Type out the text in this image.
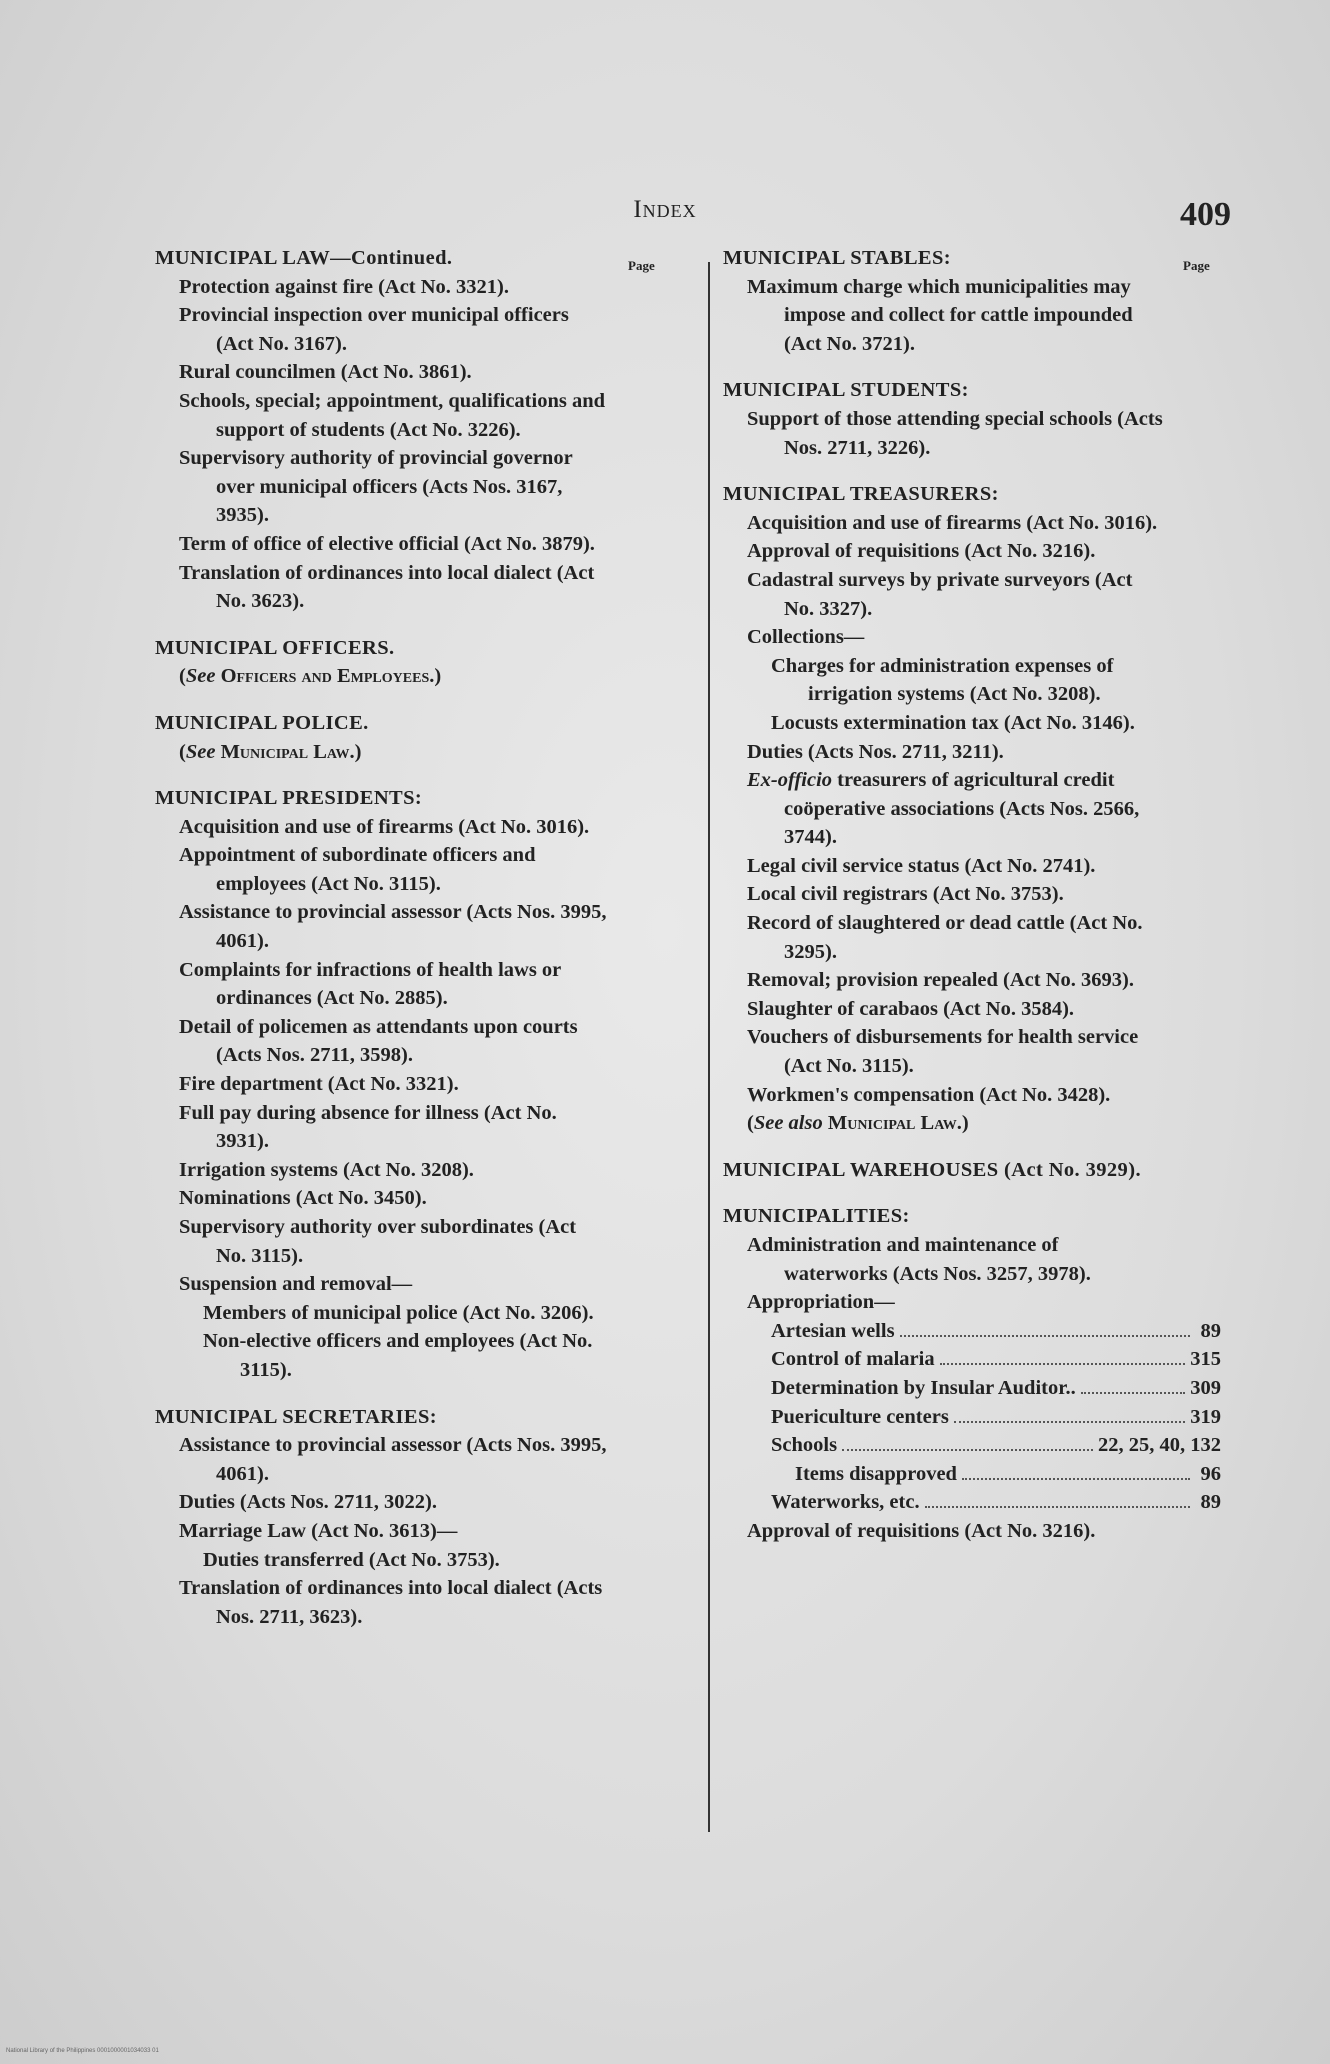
Index	409
Page	Page
MUNICIPAL LAW—Continued.
Protection against fire (Act No. 3321).
Provincial inspection over municipal officers (Act No. 3167).
Rural councilmen (Act No. 3861).
Schools, special; appointment, qualifications and support of students (Act No. 3226).
Supervisory authority of provincial governor over municipal officers (Acts Nos. 3167, 3935).
Term of office of elective official (Act No. 3879).
Translation of ordinances into local dialect (Act No. 3623).
MUNICIPAL OFFICERS.
(See Officers and Employees.)
MUNICIPAL POLICE.
(See Municipal Law.)
MUNICIPAL PRESIDENTS:
Acquisition and use of firearms (Act No. 3016).
Appointment of subordinate officers and employees (Act No. 3115).
Assistance to provincial assessor (Acts Nos. 3995, 4061).
Complaints for infractions of health laws or ordinances (Act No. 2885).
Detail of policemen as attendants upon courts (Acts Nos. 2711, 3598).
Fire department (Act No. 3321).
Full pay during absence for illness (Act No. 3931).
Irrigation systems (Act No. 3208).
Nominations (Act No. 3450).
Supervisory authority over subordinates (Act No. 3115).
Suspension and removal—
Members of municipal police (Act No. 3206).
Non-elective officers and employees (Act No. 3115).
MUNICIPAL SECRETARIES:
Assistance to provincial assessor (Acts Nos. 3995, 4061).
Duties (Acts Nos. 2711, 3022).
Marriage Law (Act No. 3613)—
Duties transferred (Act No. 3753).
Translation of ordinances into local dialect (Acts Nos. 2711, 3623).
MUNICIPAL STABLES:
Maximum charge which municipalities may impose and collect for cattle impounded (Act No. 3721).
MUNICIPAL STUDENTS:
Support of those attending special schools (Acts Nos. 2711, 3226).
MUNICIPAL TREASURERS:
Acquisition and use of firearms (Act No. 3016).
Approval of requisitions (Act No. 3216).
Cadastral surveys by private surveyors (Act No. 3327).
Collections—
Charges for administration expenses of irrigation systems (Act No. 3208).
Locusts extermination tax (Act No. 3146).
Duties (Acts Nos. 2711, 3211).
Ex-officio treasurers of agricultural credit coöperative associations (Acts Nos. 2566, 3744).
Legal civil service status (Act No. 2741).
Local civil registrars (Act No. 3753).
Record of slaughtered or dead cattle (Act No. 3295).
Removal; provision repealed (Act No. 3693).
Slaughter of carabaos (Act No. 3584).
Vouchers of disbursements for health service (Act No. 3115).
Workmen's compensation (Act No. 3428).
(See also Municipal Law.)
MUNICIPAL WAREHOUSES (Act No. 3929).
MUNICIPALITIES:
Administration and maintenance of waterworks (Acts Nos. 3257, 3978).
Appropriation—
Artesian wells	89
Control of malaria	315
Determination by Insular Auditor..	309
Puericulture centers	319
Schools	22, 25, 40, 132
Items disapproved	96
Waterworks, etc.	89
Approval of requisitions (Act No. 3216).
National Library of the Philippines 0001000001034033 01
